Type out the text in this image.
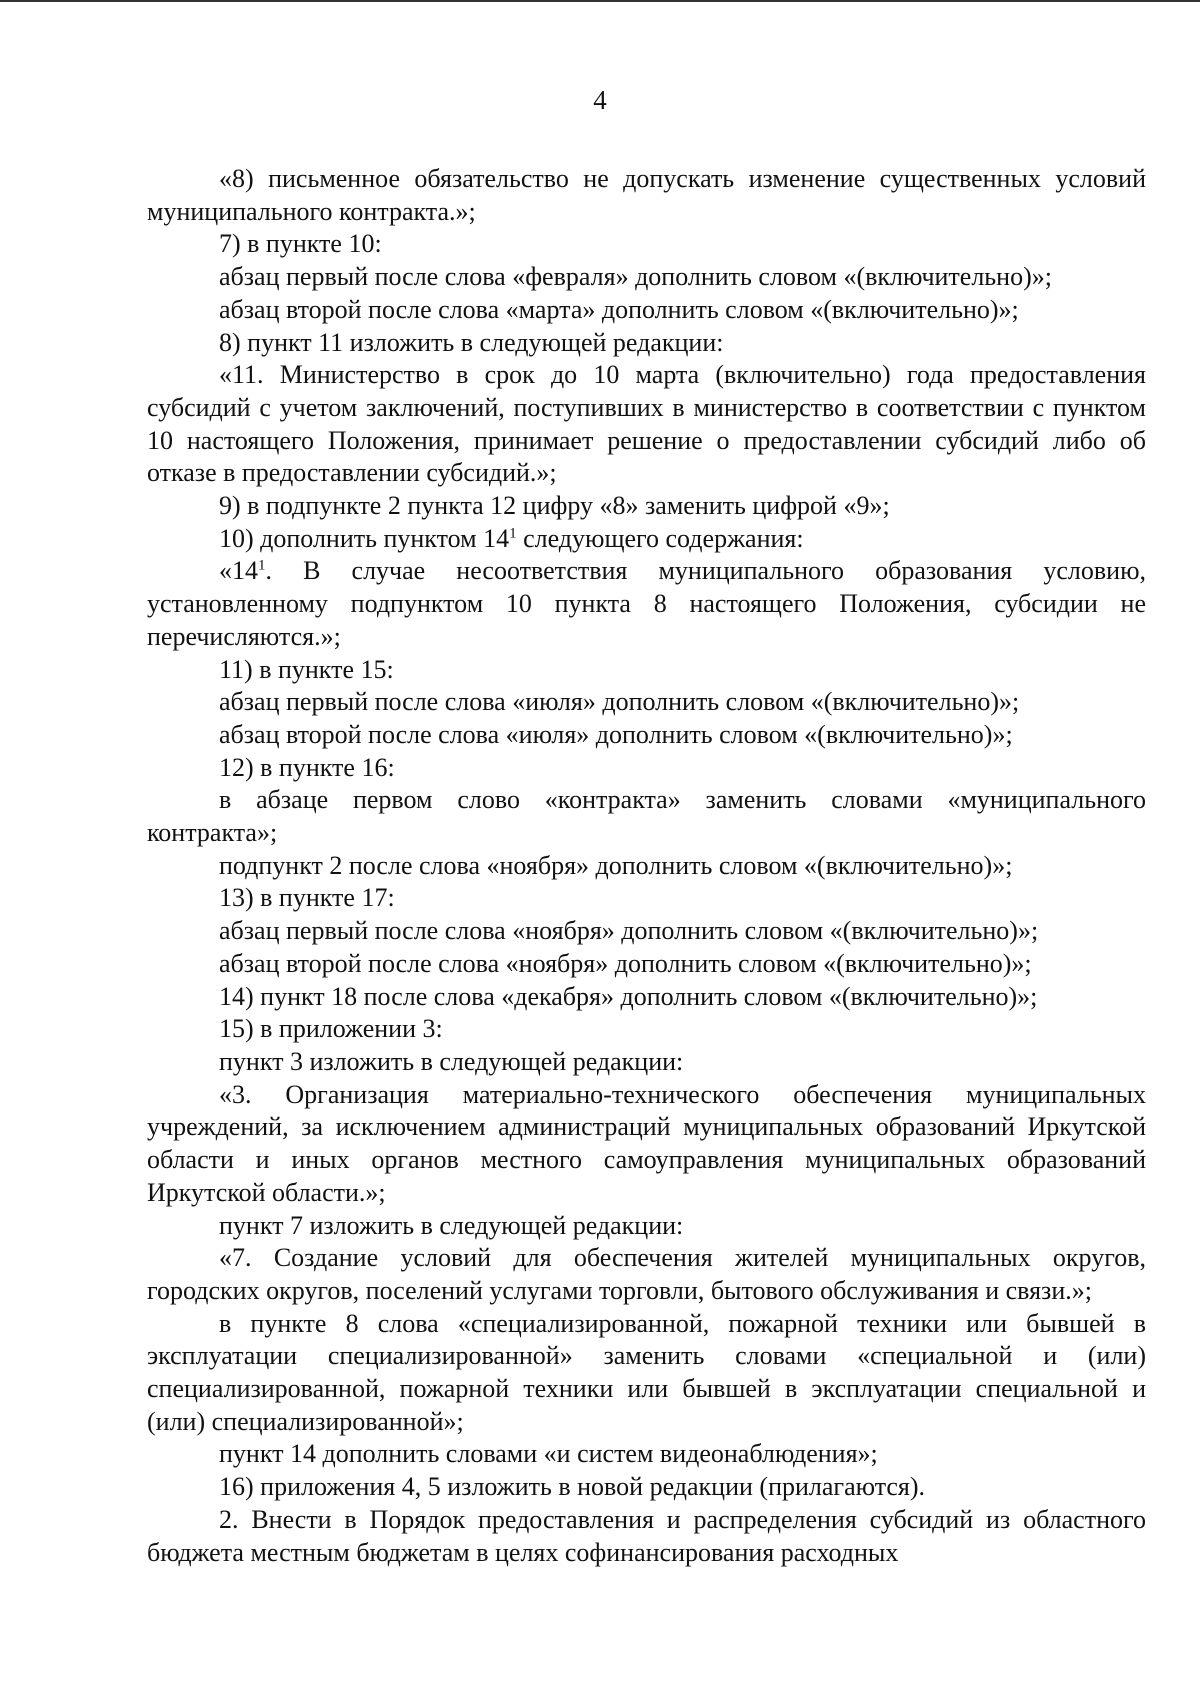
4

«8) письменное обязательство не допускать изменение существенных условий муниципального контракта.»;

7) в пункте 10:

абзац первый после слова «февраля» дополнить словом «(включительно)»;

абзац второй после слова «марта» дополнить словом «(включительно)»;

8) пункт 11 изложить в следующей редакции:

«11. Министерство в срок до 10 марта (включительно) года предоставления субсидий с учетом заключений, поступивших в министерство в соответствии с пунктом 10 настоящего Положения, принимает решение о предоставлении субсидий либо об отказе в предоставлении субсидий.»;

9) в подпункте 2 пункта 12 цифру «8» заменить цифрой «9»;

10) дополнить пунктом $14^1$ следующего содержания:

«$14^1$. В случае несоответствия муниципального образования условию, установленному подпунктом 10 пункта 8 настоящего Положения, субсидии не перечисляются.»;

11) в пункте 15:

абзац первый после слова «июля» дополнить словом «(включительно)»;

абзац второй после слова «июля» дополнить словом «(включительно)»;

12) в пункте 16:

в абзаце первом слово «контракта» заменить словами «муниципального контракта»;

подпункт 2 после слова «ноября» дополнить словом «(включительно)»;

13) в пункте 17:

абзац первый после слова «ноября» дополнить словом «(включительно)»;

абзац второй после слова «ноября» дополнить словом «(включительно)»;

14) пункт 18 после слова «декабря» дополнить словом «(включительно)»;

15) в приложении 3:

пункт 3 изложить в следующей редакции:

«3. Организация материально-технического обеспечения муниципальных учреждений, за исключением администраций муниципальных образований Иркутской области и иных органов местного самоуправления муниципальных образований Иркутской области.»;

пункт 7 изложить в следующей редакции:

«7. Создание условий для обеспечения жителей муниципальных округов, городских округов, поселений услугами торговли, бытового обслуживания и связи.»;

в пункте 8 слова «специализированной, пожарной техники или бывшей в эксплуатации специализированной» заменить словами «специальной и (или) специализированной, пожарной техники или бывшей в эксплуатации специальной и (или) специализированной»;

пункт 14 дополнить словами «и систем видеонаблюдения»;

16) приложения 4, 5 изложить в новой редакции (прилагаются).

2. Внести в Порядок предоставления и распределения субсидий из областного бюджета местным бюджетам в целях софинансирования расходных
